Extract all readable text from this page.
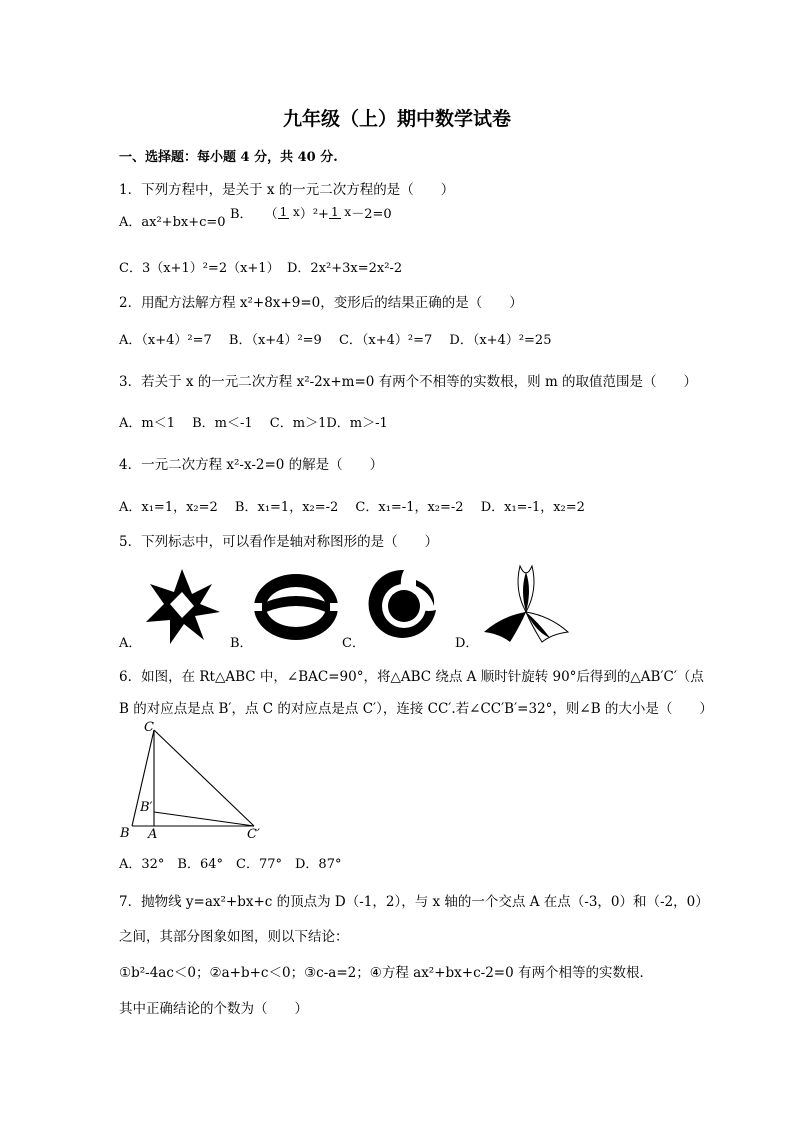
九年级（上）期中数学试卷
一、选择题：每小题 4 分，共 40 分.
1．下列方程中，是关于 x 的一元二次方程的是（　　）
A．ax²+bx+c=0
B． （ 1 x ）²+ 1 x －2=0
C．3（x+1）²=2（x+1） D．2x²+3x=2x²-2
2．用配方法解方程 x²+8x+9=0，变形后的结果正确的是（　　）
A．（x+4）²=7　 B．（x+4）²=9　 C．（x+4）²=7　 D．（x+4）²=25
3．若关于 x 的一元二次方程 x²-2x+m=0 有两个不相等的实数根，则 m 的取值范围是（　　）
A．m＜1　 B．m＜-1　 C．m＞1D．m＞-1
4．一元二次方程 x²-x-2=0 的解是（　　）
A．x₁=1，x₂=2　 B．x₁=1，x₂=-2　 C．x₁=-1，x₂=-2　 D．x₁=-1，x₂=2
5．下列标志中，可以看作是轴对称图形的是（　　）
A．	B．	C．	D．
6．如图，在 Rt△ABC 中，∠BAC=90°，将△ABC 绕点 A 顺时针旋转 90°后得到的△AB′C′（点
B 的对应点是点 B′，点 C 的对应点是点 C′），连接 CC′.若∠CC′B′=32°，则∠B 的大小是（　　）
C
B′
B A	C′
A．32°　B．64°　C．77°　D．87°
7．抛物线 y=ax²+bx+c 的顶点为 D（-1，2），与 x 轴的一个交点 A 在点（-3，0）和（-2，0）
之间，其部分图象如图，则以下结论：
①b²-4ac＜0；②a+b+c＜0；③c-a=2；④方程 ax²+bx+c-2=0 有两个相等的实数根．
其中正确结论的个数为（　　）
